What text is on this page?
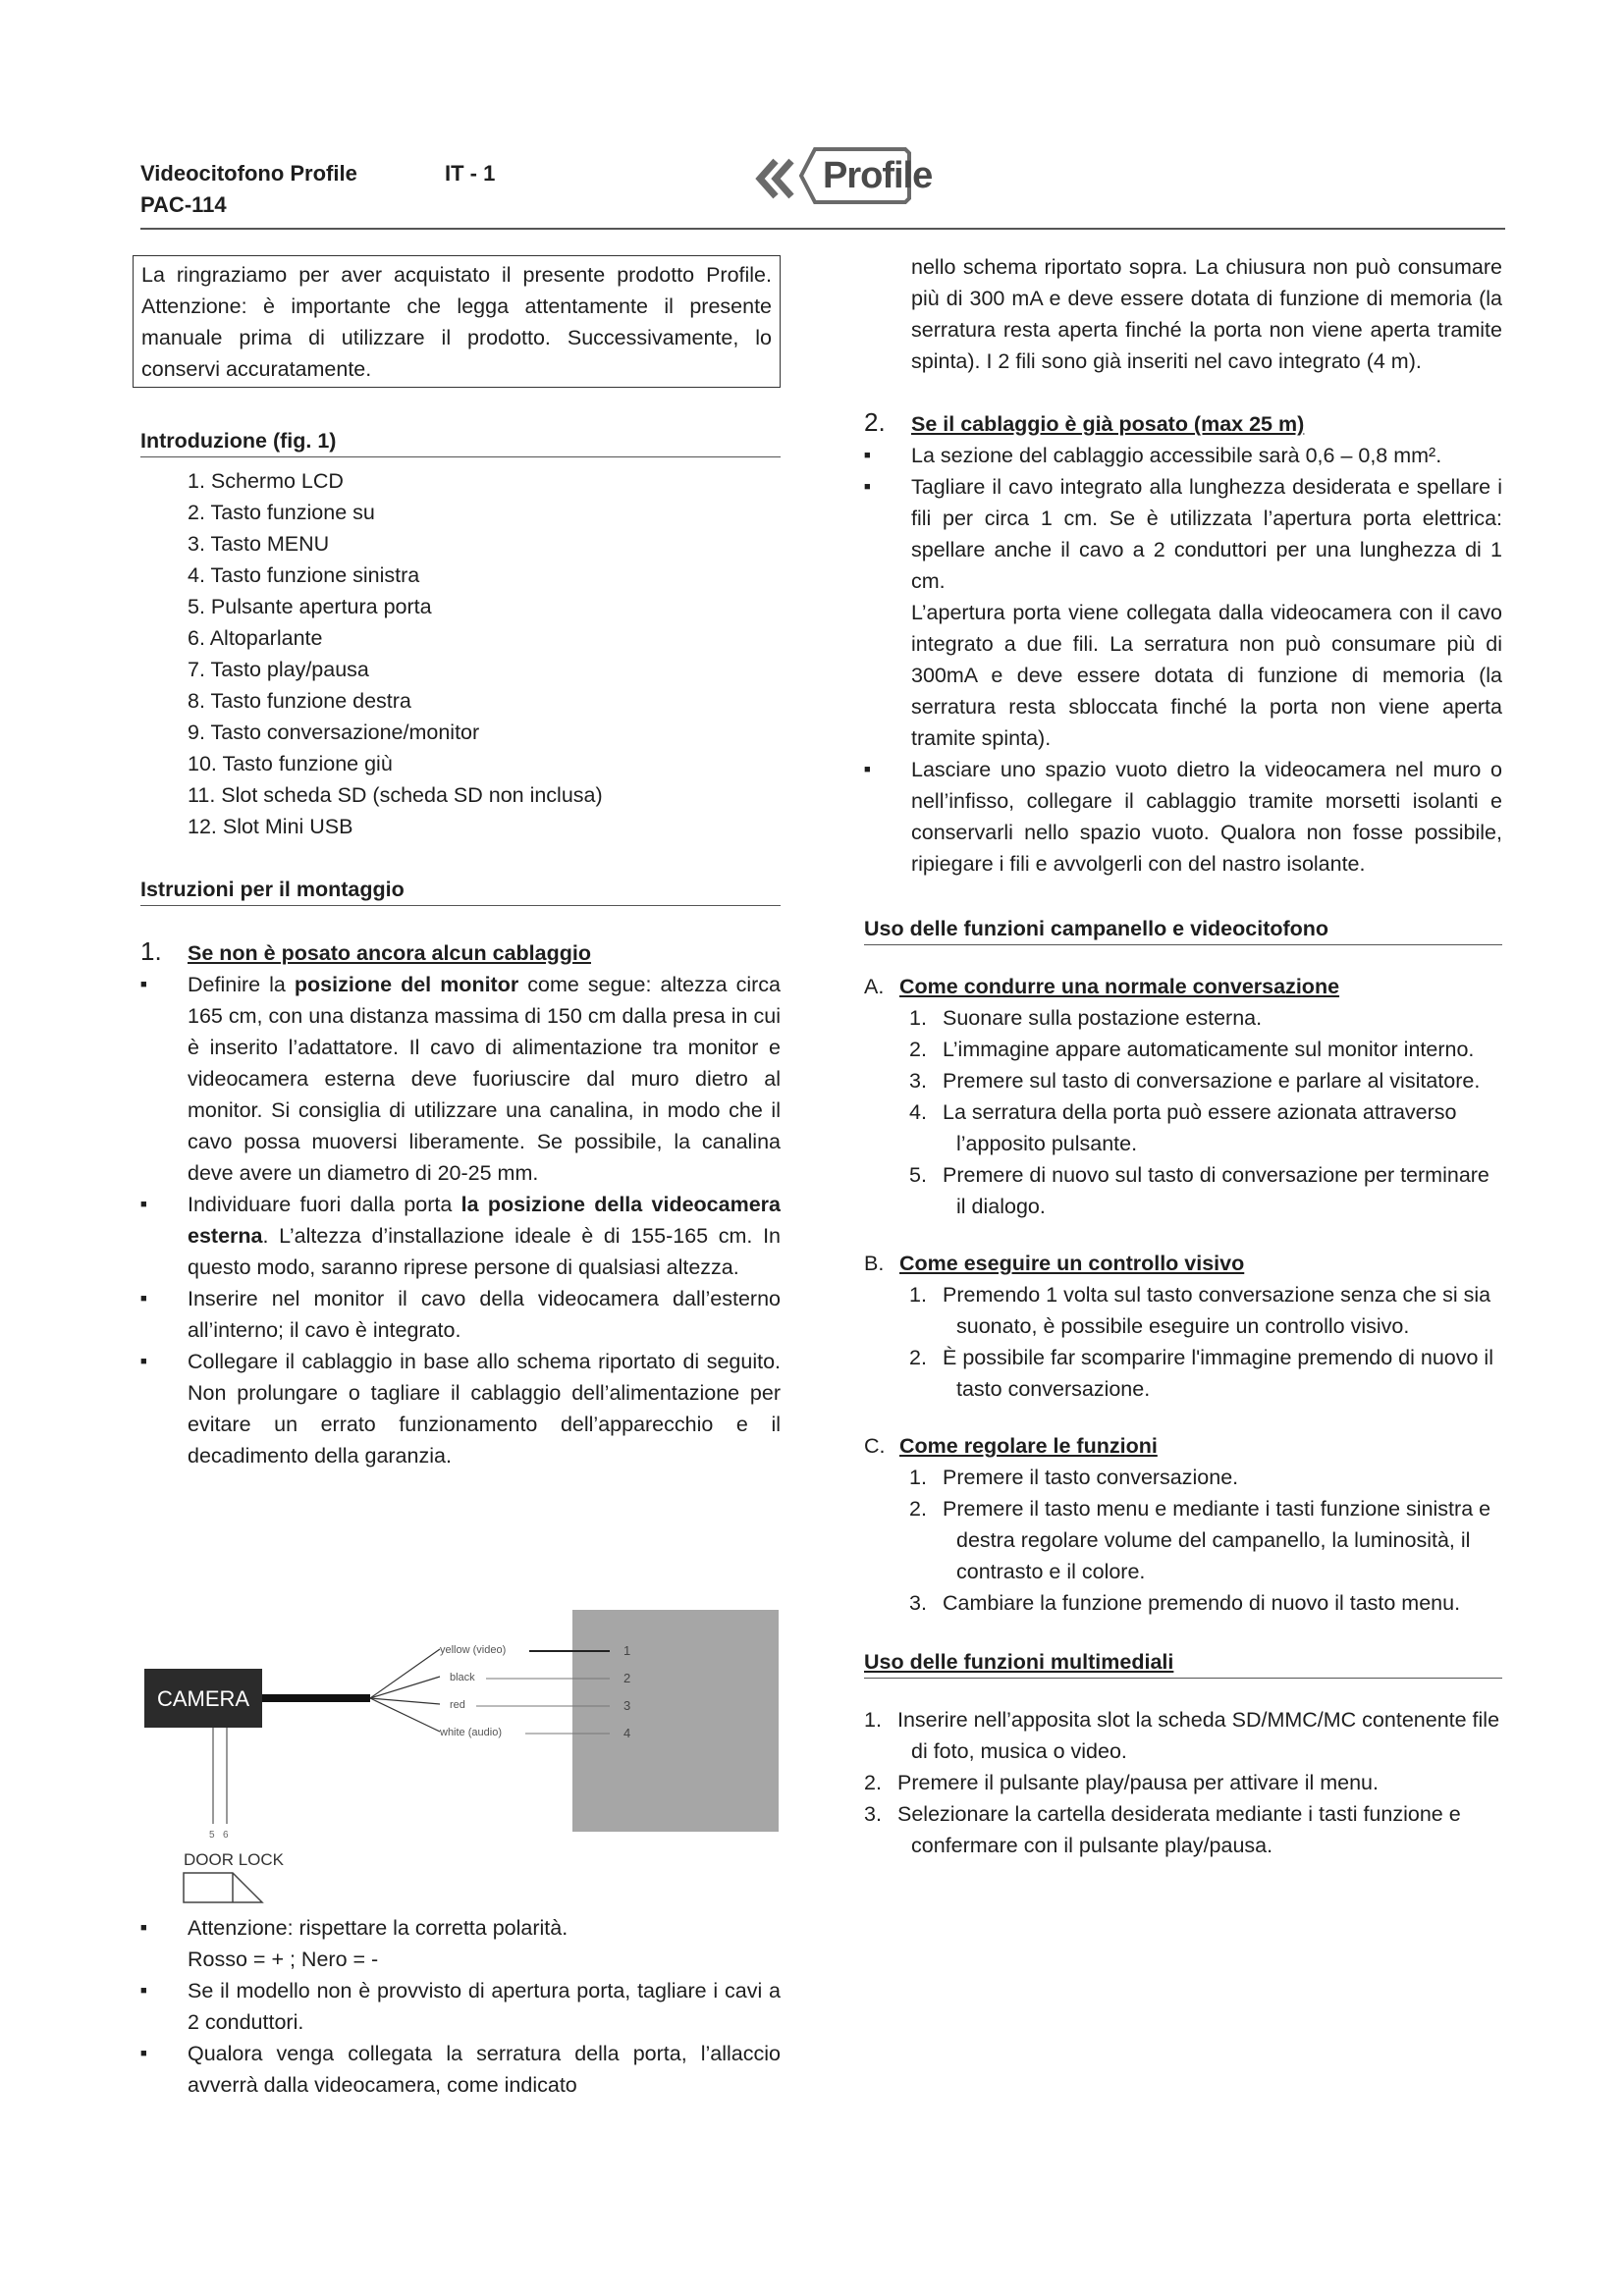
Videocitofono Profile	IT - 1
PAC-114
Profile
La ringraziamo per aver acquistato il presente prodotto Profile. Attenzione: è importante che legga attentamente il presente manuale prima di utilizzare il prodotto. Successivamente, lo conservi accuratamente.
Introduzione (fig. 1)
1. Schermo LCD
2. Tasto funzione su
3. Tasto MENU
4. Tasto funzione sinistra
5. Pulsante apertura porta
6. Altoparlante
7. Tasto play/pausa
8. Tasto funzione destra
9. Tasto conversazione/monitor
10. Tasto funzione giù
11. Slot scheda SD (scheda SD non inclusa)
12. Slot Mini USB
Istruzioni per il montaggio
1. Se non è posato ancora alcun cablaggio
■ Definire la posizione del monitor come segue: altezza circa 165 cm, con una distanza massima di 150 cm dalla presa in cui è inserito l’adattatore. Il cavo di alimentazione tra monitor e videocamera esterna deve fuoriuscire dal muro dietro al monitor. Si consiglia di utilizzare una canalina, in modo che il cavo possa muoversi liberamente. Se possibile, la canalina deve avere un diametro di 20-25 mm.
■ Individuare fuori dalla porta la posizione della videocamera esterna. L’altezza d’installazione ideale è di 155-165 cm. In questo modo, saranno riprese persone di qualsiasi altezza.
■ Inserire nel monitor il cavo della videocamera dall’esterno all’interno; il cavo è integrato.
■ Collegare il cablaggio in base allo schema riportato di seguito. Non prolungare o tagliare il cablaggio dell’alimentazione per evitare un errato funzionamento dell’apparecchio e il decadimento della garanzia.
CAMERA
yellow (video)
black
red
white (audio)
1
2
3
4
5 6
DOOR LOCK
■ Attenzione: rispettare la corretta polarità.
Rosso = + ; Nero = -
■ Se il modello non è provvisto di apertura porta, tagliare i cavi a 2 conduttori.
■ Qualora venga collegata la serratura della porta, l’allaccio avverrà dalla videocamera, come indicato
nello schema riportato sopra. La chiusura non può consumare più di 300 mA e deve essere dotata di funzione di memoria (la serratura resta aperta finché la porta non viene aperta tramite spinta). I 2 fili sono già inseriti nel cavo integrato (4 m).
2. Se il cablaggio è già posato (max 25 m)
■ La sezione del cablaggio accessibile sarà 0,6 – 0,8 mm².
■ Tagliare il cavo integrato alla lunghezza desiderata e spellare i fili per circa 1 cm. Se è utilizzata l’apertura porta elettrica: spellare anche il cavo a 2 conduttori per una lunghezza di 1 cm.
L’apertura porta viene collegata dalla videocamera con il cavo integrato a due fili. La serratura non può consumare più di 300mA e deve essere dotata di funzione di memoria (la serratura resta sbloccata finché la porta non viene aperta tramite spinta).
■ Lasciare uno spazio vuoto dietro la videocamera nel muro o nell’infisso, collegare il cablaggio tramite morsetti isolanti e conservarli nello spazio vuoto. Qualora non fosse possibile, ripiegare i fili e avvolgerli con del nastro isolante.
Uso delle funzioni campanello e videocitofono
A. Come condurre una normale conversazione
1. Suonare sulla postazione esterna.
2. L’immagine appare automaticamente sul monitor interno.
3. Premere sul tasto di conversazione e parlare al visitatore.
4. La serratura della porta può essere azionata attraverso l’apposito pulsante.
5. Premere di nuovo sul tasto di conversazione per terminare il dialogo.
B. Come eseguire un controllo visivo
1. Premendo 1 volta sul tasto conversazione senza che si sia suonato, è possibile eseguire un controllo visivo.
2. È possibile far scomparire l'immagine premendo di nuovo il tasto conversazione.
C. Come regolare le funzioni
1. Premere il tasto conversazione.
2. Premere il tasto menu e mediante i tasti funzione sinistra e destra regolare volume del campanello, la luminosità, il contrasto e il colore.
3. Cambiare la funzione premendo di nuovo il tasto menu.
Uso delle funzioni multimediali
1. Inserire nell’apposita slot la scheda SD/MMC/MC contenente file di foto, musica o video.
2. Premere il pulsante play/pausa per attivare il menu.
3. Selezionare la cartella desiderata mediante i tasti funzione e confermare con il pulsante play/pausa.
